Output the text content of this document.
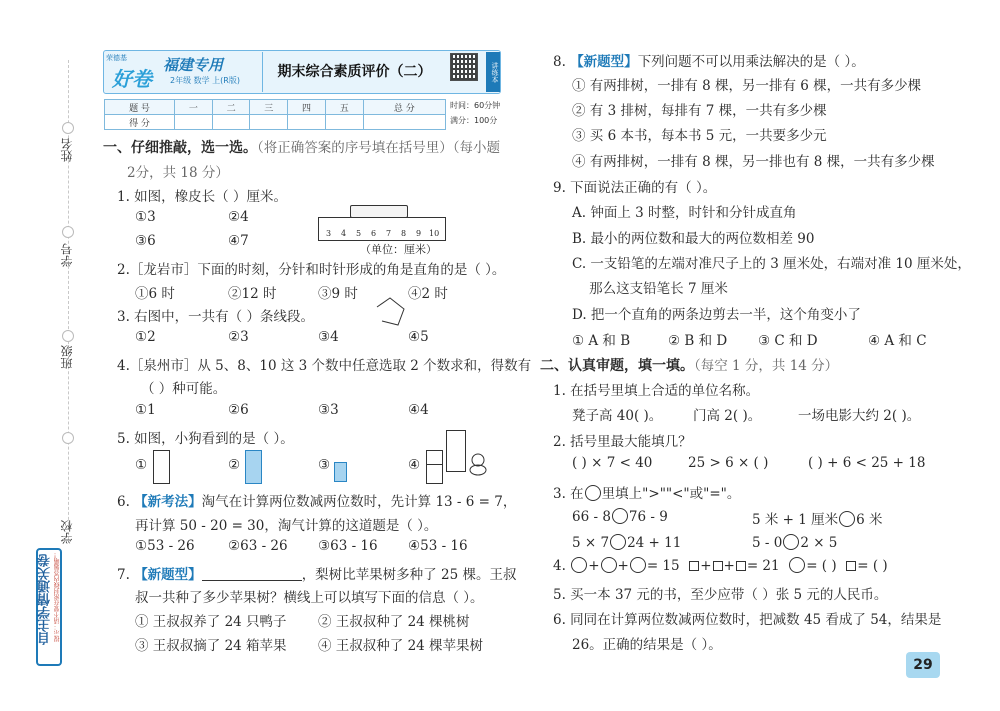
姓名
学号
班级
学校
自主学情通关卷 提示：请不要在密封线内答题哦！
荣德基
好卷
福建专用
2年级 数学 上(R版)
期末综合素质评价（二）	讲练本
题 号	一	二	三	四	五	总 分
得 分						
时间：60分钟
满分：100分
一、仔细推敲，选一选。（将正确答案的序号填在括号里）（每小题
2分，共 18 分）
1. 如图，橡皮长（ ）厘米。
①3	②4
③6	④7	3 4 5 6 7 8 9 10
（单位：厘米）
2.［龙岩市］下面的时刻，分针和时针形成的角是直角的是（ ）。
①6 时	②12 时	③9 时	④2 时
3. 右图中，一共有（ ）条线段。
①2	②3	③4	④5
4.［泉州市］从 5、8、10 这 3 个数中任意选取 2 个数求和，得数有
（ ）种可能。
①1	②6	③3	④4
5. 如图，小狗看到的是（ ）。
①	②	③	④
6. 【新考法】淘气在计算两位数减两位数时，先计算 13 - 6 = 7，
再计算 50 - 20 = 30，淘气计算的这道题是（ ）。
①53 - 26 ②63 - 26 ③63 - 16 ④53 - 16
7. 【新题型】	，梨树比苹果树多种了 25 棵。王叔
叔一共种了多少苹果树？横线上可以填写下面的信息（ ）。
① 王叔叔养了 24 只鸭子 ② 王叔叔种了 24 棵桃树
③ 王叔叔摘了 24 箱苹果 ④ 王叔叔种了 24 棵苹果树
8. 【新题型】下列问题不可以用乘法解决的是（ ）。
① 有两排树，一排有 8 棵，另一排有 6 棵，一共有多少棵
② 有 3 排树，每排有 7 棵，一共有多少棵
③ 买 6 本书，每本书 5 元，一共要多少元
④ 有两排树，一排有 8 棵，另一排也有 8 棵，一共有多少棵
9. 下面说法正确的有（ ）。
A. 钟面上 3 时整，时针和分针成直角
B. 最小的两位数和最大的两位数相差 90
C. 一支铅笔的左端对准尺子上的 3 厘米处，右端对准 10 厘米处，
那么这支铅笔长 7 厘米
D. 把一个直角的两条边剪去一半，这个角变小了
① A 和 B	② B 和 D ③ C 和 D	④ A 和 C
二、认真审题，填一填。（每空 1 分，共 14 分）
1. 在括号里填上合适的单位名称。
凳子高 40( )。 门高 2( )。	一场电影大约 2( )。
2. 括号里最大能填几？
( ) × 7 < 40	25 > 6 × ( )	( ) + 6 < 25 + 18
3. 在 里填上">""<"或"="。
66 - 8 76 - 9	5 米 + 1 厘米 6 米
5 × 7 24 + 11	5 - 0 2 × 5
4. + + = 15 + + = 21 = ( ) = ( )
5. 买一本 37 元的书，至少应带（ ）张 5 元的人民币。
6. 同同在计算两位数减两位数时，把减数 45 看成了 54，结果是
26。正确的结果是（ ）。
29
